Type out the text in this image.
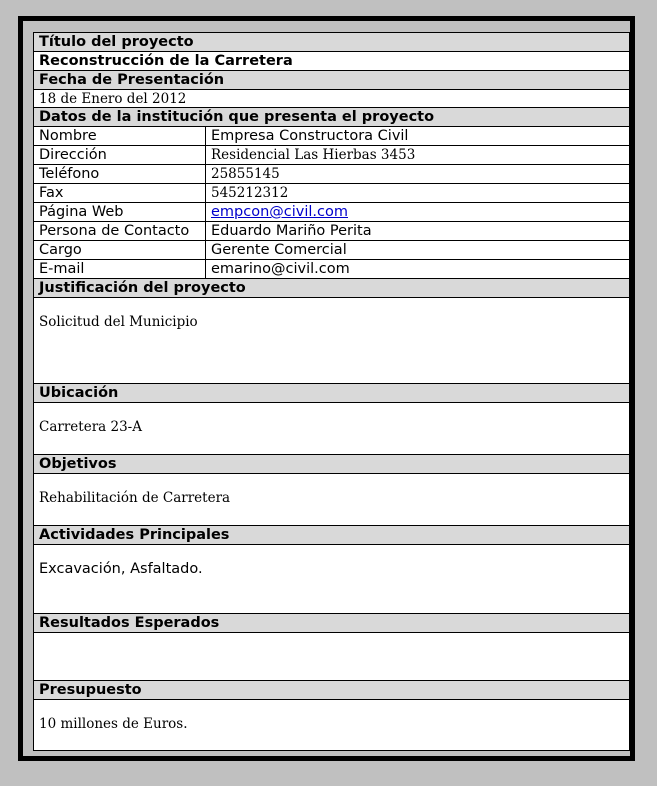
Título del proyecto
Reconstrucción de la Carretera
Fecha de Presentación
18 de Enero del 2012
Datos de la institución que presenta el proyecto
Nombre	Empresa Constructora Civil
Dirección	Residencial Las Hierbas 3453
Teléfono	25855145
Fax	545212312
Página Web	empcon@civil.com
Persona de Contacto	Eduardo Mariño Perita
Cargo	Gerente Comercial
E-mail	emarino@civil.com
Justificación del proyecto
Solicitud del Municipio
Ubicación
Carretera 23-A
Objetivos
Rehabilitación de Carretera
Actividades Principales
Excavación, Asfaltado.
Resultados Esperados
Presupuesto
10 millones de Euros.
